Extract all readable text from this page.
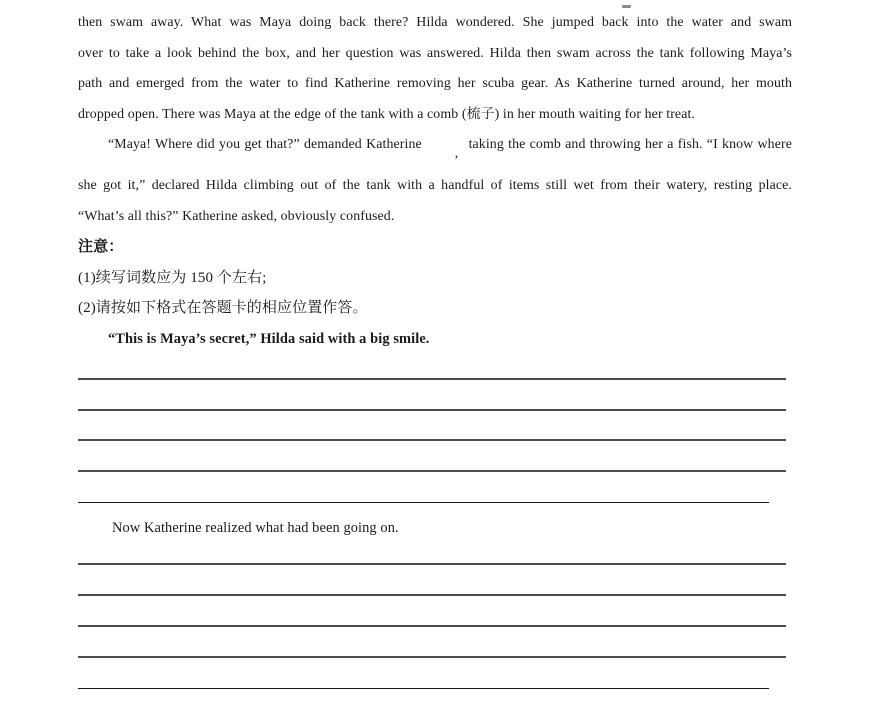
then swam away. What was Maya doing back there? Hilda wondered. She jumped back into the water and swam
over to take a look behind the box, and her question was answered. Hilda then swam across the tank following Maya’s
path and emerged from the water to find Katherine removing her scuba gear. As Katherine turned around, her mouth
dropped open. There was Maya at the edge of the tank with a comb (梳子) in her mouth waiting for her treat.
“Maya! Where did you get that?” demanded Katherine, taking the comb and throwing her a fish. “I know where
she got it,” declared Hilda climbing out of the tank with a handful of items still wet from their watery, resting place.
“What’s all this?” Katherine asked, obviously confused.
注意：
(1)续写词数应为 150 个左右;
(2)请按如下格式在答题卡的相应位置作答。
“This is Maya’s secret,” Hilda said with a big smile.
Now Katherine realized what had been going on.
